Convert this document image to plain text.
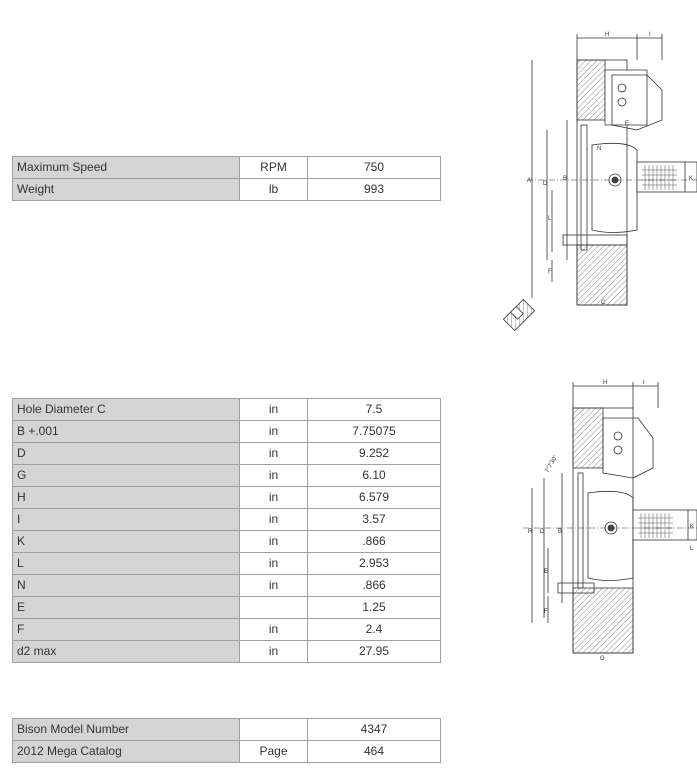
Maximum Speed	RPM	750
Weight	lb	993
Hole Diameter C	in	7.5
B +.001	in	7.75075
D	in	9.252
G	in	6.10
H	in	6.579
I	in	3.57
K	in	.866
L	in	2.953
N	in	.866
E		1.25
F	in	2.4
d2 max	in	27.95
Bison Model Number		4347
2012 Mega Catalog	Page	464
H	I
A D
B
C
L
F
K
N
E
H	I
R D B
E
F
G
K
L
7°7'30"
